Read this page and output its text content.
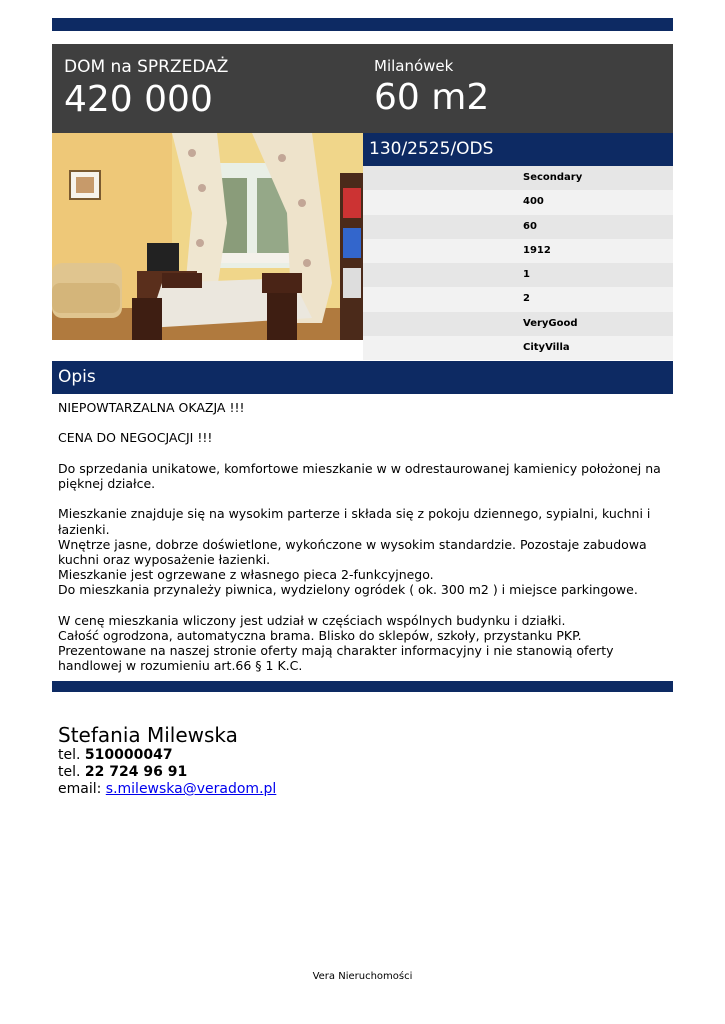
DOM na SPRZEDAŻ
420 000
Milanówek
60 m2
130/2525/ODS
Secondary
400
60
1912
1
2
VeryGood
CityVilla
Opis

NIEPOWTARZALNA OKAZJA !!!

CENA DO NEGOCJACJI !!!

Do sprzedania unikatowe, komfortowe mieszkanie w w odrestaurowanej kamienicy położonej na pięknej działce.

Mieszkanie znajduje się na wysokim parterze i składa się z pokoju dziennego, sypialni, kuchni i łazienki.

Wnętrze jasne, dobrze doświetlone, wykończone w wysokim standardzie. Pozostaje zabudowa kuchni oraz wyposażenie łazienki.

Mieszkanie jest ogrzewane z własnego pieca 2-funkcyjnego.

Do mieszkania przynależy piwnica, wydzielony ogródek ( ok. 300 m2 ) i miejsce parkingowe.

W cenę mieszkania wliczony jest udział w częściach wspólnych budynku i działki.

Całość ogrodzona, automatyczna brama. Blisko do sklepów, szkoły, przystanku PKP.

Prezentowane na naszej stronie oferty mają charakter informacyjny i nie stanowią oferty handlowej w rozumieniu art.66 § 1 K.C.

Stefania Milewska
tel. 510000047
tel. 22 724 96 91
email: s.milewska@veradom.pl
Vera Nieruchomości
